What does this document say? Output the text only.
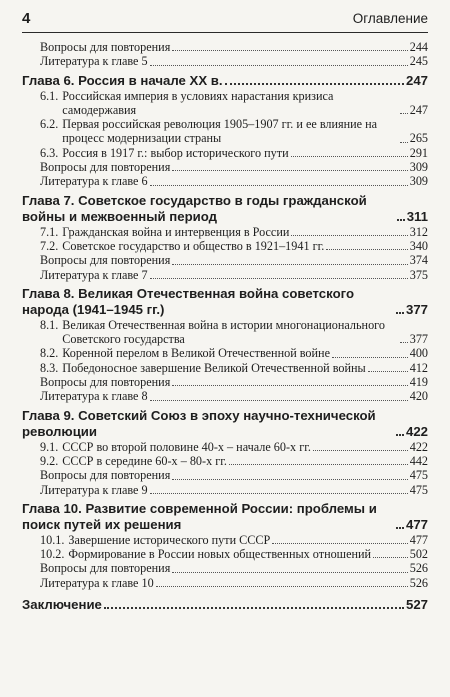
4	Оглавление
Вопросы для повторения	244
Литература к главе 5	245
Глава 6. Россия в начале XX в.	247
6.1. Российская империя в условиях нарастания кризиса самодержавия	247
6.2. Первая российская революция 1905–1907 гг. и ее влияние на процесс модернизации страны	265
6.3. Россия в 1917 г.: выбор исторического пути	291
Вопросы для повторения	309
Литература к главе 6	309
Глава 7. Советское государство в годы гражданской войны и межвоенный период	311
7.1. Гражданская война и интервенция в России	312
7.2. Советское государство и общество в 1921–1941 гг.	340
Вопросы для повторения	374
Литература к главе 7	375
Глава 8. Великая Отечественная война советского народа (1941–1945 гг.)	377
8.1. Великая Отечественная война в истории многонационального Советского государства	377
8.2. Коренной перелом в Великой Отечественной войне	400
8.3. Победоносное завершение Великой Отечественной войны	412
Вопросы для повторения	419
Литература к главе 8	420
Глава 9. Советский Союз в эпоху научно-технической революции	422
9.1. СССР во второй половине 40-х – начале 60-х гг.	422
9.2. СССР в середине 60-х – 80-х гг.	442
Вопросы для повторения	475
Литература к главе 9	475
Глава 10. Развитие современной России: проблемы и поиск путей их решения	477
10.1. Завершение исторического пути СССР	477
10.2. Формирование в России новых общественных отношений	502
Вопросы для повторения	526
Литература к главе 10	526
Заключение	527
